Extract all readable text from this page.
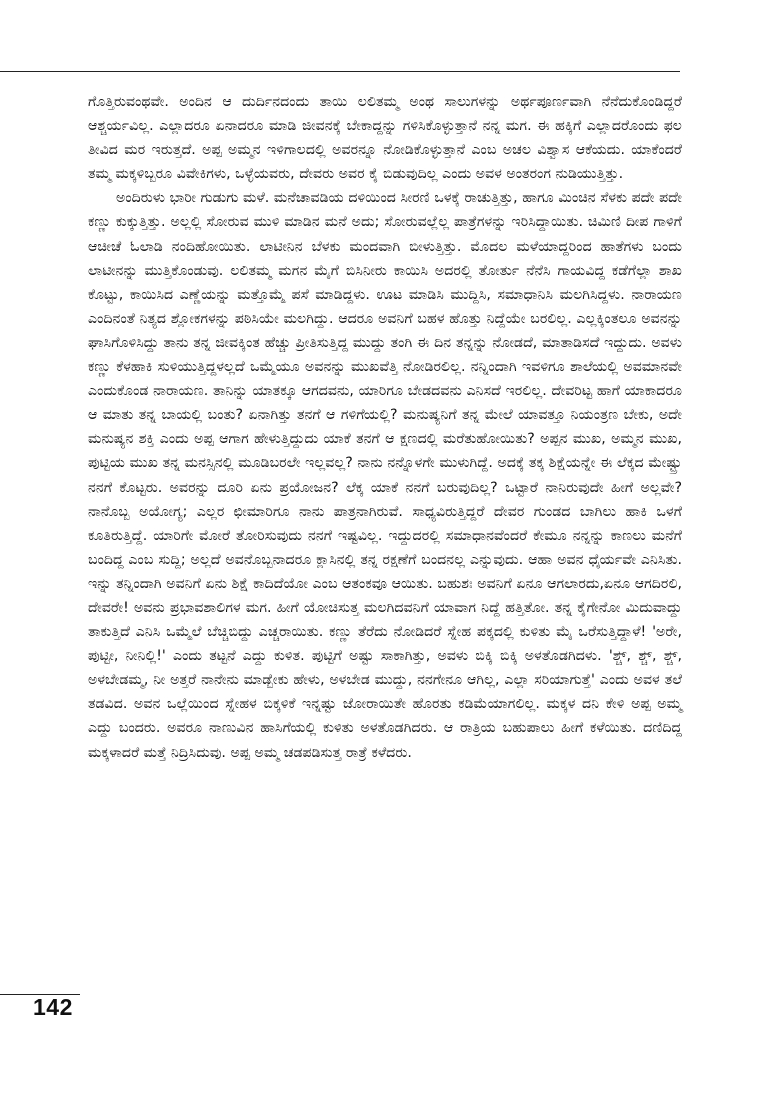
ಗೊತ್ತಿರುವಂಥವೇ. ಅಂದಿನ ಆ ದುರ್ದಿನದಂದು ತಾಯಿ ಲಲಿತಮ್ಮ ಅಂಥ ಸಾಲುಗಳನ್ನು ಅರ್ಥಪೂರ್ಣವಾಗಿ ನೆನೆದುಕೊಂಡಿದ್ದರೆ ಆಶ್ಚರ್ಯವಿಲ್ಲ. ಎಲ್ಲಾದರೂ ಏನಾದರೂ ಮಾಡಿ ಜೀವನಕ್ಕೆ ಬೇಕಾದ್ದನ್ನು ಗಳಿಸಿಕೊಳ್ಳುತ್ತಾನೆ ನನ್ನ ಮಗ. ಈ ಹಕ್ಕಿಗೆ ಎಲ್ಲಾದರೊಂದು ಫಲ ತೀವಿದ ಮರ ಇರುತ್ತದೆ. ಅಪ್ಪ ಅಮ್ಮನ ಇಳಿಗಾಲದಲ್ಲಿ ಅವರನ್ನೂ ನೋಡಿಕೊಳ್ಳುತ್ತಾನೆ ಎಂಬ ಅಚಲ ವಿಶ್ವಾಸ ಆಕೆಯದು. ಯಾಕೆಂದರೆ ತಮ್ಮ ಮಕ್ಕಳಿಬ್ಬರೂ ವಿವೇಕಿಗಳು, ಒಳ್ಳೆಯವರು, ದೇವರು ಅವರ ಕೈ ಬಿಡುವುದಿಲ್ಲ ಎಂದು ಅವಳ ಅಂತರಂಗ ನುಡಿಯುತ್ತಿತ್ತು.

ಅಂದಿರುಳು ಭಾರೀ ಗುಡುಗು ಮಳೆ. ಮನೆಚಾವಡಿಯ ದಳಿಯಿಂದ ಸೀರಣಿ ಒಳಕ್ಕೆ ರಾಚುತ್ತಿತ್ತು, ಹಾಗೂ ಮಿಂಚಿನ ಸೆಳಕು ಪದೇ ಪದೇ ಕಣ್ಣು ಕುಕ್ಕುತ್ತಿತ್ತು. ಅಲ್ಲಲ್ಲಿ ಸೋರುವ ಮುಳಿ ಮಾಡಿನ ಮನೆ ಅದು; ಸೋರುವಲ್ಲೆಲ್ಲ ಪಾತ್ರೆಗಳನ್ನು ಇರಿಸಿದ್ದಾಯಿತು. ಚಿಮಿಣಿ ದೀಪ ಗಾಳಿಗೆ ಆಚೀಚೆ ಓಲಾಡಿ ನಂದಿಹೋಯಿತು. ಲಾಟೀನಿನ ಬೆಳಕು ಮಂದವಾಗಿ ಬೀಳುತ್ತಿತ್ತು. ಮೊದಲ ಮಳೆಯಾದ್ದರಿಂದ ಹಾತೆಗಳು ಬಂದು ಲಾಟೀನನ್ನು ಮುತ್ತಿಕೊಂಡುವು. ಲಲಿತಮ್ಮ ಮಗನ ಮೈಗೆ ಬಿಸಿನೀರು ಕಾಯಿಸಿ ಅದರಲ್ಲಿ ತೋರ್ತು ನೆನೆಸಿ ಗಾಯವಿದ್ದ ಕಡೆಗೆಲ್ಲಾ ಶಾಖ ಕೊಟ್ಟು, ಕಾಯಿಸಿದ ಎಣ್ಣೆಯನ್ನು ಮತ್ತೊಮ್ಮೆ ಪಸೆ ಮಾಡಿದ್ದಳು. ಊಟ ಮಾಡಿಸಿ ಮುದ್ದಿಸಿ, ಸಮಾಧಾನಿಸಿ ಮಲಗಿಸಿದ್ದಳು. ನಾರಾಯಣ ಎಂದಿನಂತೆ ನಿತ್ಯದ ಶ್ಲೋಕಗಳನ್ನು ಪಠಿಸಿಯೇ ಮಲಗಿದ್ದು. ಆದರೂ ಅವನಿಗೆ ಬಹಳ ಹೊತ್ತು ನಿದ್ದೆಯೇ ಬರಲಿಲ್ಲ. ಎಲ್ಲಕ್ಕಿಂತಲೂ ಅವನನ್ನು ಘಾಸಿಗೊಳಿಸಿದ್ದು ತಾನು ತನ್ನ ಜೀವಕ್ಕಿಂತ ಹೆಚ್ಚು ಪ್ರೀತಿಸುತ್ತಿದ್ದ ಮುದ್ದು ತಂಗಿ ಈ ದಿನ ತನ್ನನ್ನು ನೋಡದೆ, ಮಾತಾಡಿಸದೆ ಇದ್ದುದು. ಅವಳು ಕಣ್ಣು ಕೆಳಹಾಕಿ ಸುಳಿಯುತ್ತಿದ್ದಳಲ್ಲದೆ ಒಮ್ಮೆಯೂ ಅವನನ್ನು ಮುಖವೆತ್ತಿ ನೋಡಿರಲಿಲ್ಲ. ನನ್ನಿಂದಾಗಿ ಇವಳಿಗೂ ಶಾಲೆಯಲ್ಲಿ ಅವಮಾನವೇ ಎಂದುಕೊಂಡ ನಾರಾಯಣ. ತಾನಿನ್ನು ಯಾತಕ್ಕೂ ಆಗದವನು, ಯಾರಿಗೂ ಬೇಡದವನು ಎನಿಸದೆ ಇರಲಿಲ್ಲ. ದೇವರಿಟ್ಟ ಹಾಗೆ ಯಾಕಾದರೂ ಆ ಮಾತು ತನ್ನ ಬಾಯಲ್ಲಿ ಬಂತು? ಏನಾಗಿತ್ತು ತನಗೆ ಆ ಗಳಿಗೆಯಲ್ಲಿ? ಮನುಷ್ಯನಿಗೆ ತನ್ನ ಮೇಲೆ ಯಾವತ್ತೂ ನಿಯಂತ್ರಣ ಬೇಕು, ಅದೇ ಮನುಷ್ಯನ ಶಕ್ತಿ ಎಂದು ಅಪ್ಪ ಆಗಾಗ ಹೇಳುತ್ತಿದ್ದುದು ಯಾಕೆ ತನಗೆ ಆ ಕ್ಷಣದಲ್ಲಿ ಮರೆತುಹೋಯಿತು? ಅಪ್ಪನ ಮುಖ, ಅಮ್ಮನ ಮುಖ, ಪುಟ್ಟಿಯ ಮುಖ ತನ್ನ ಮನಸ್ಸಿನಲ್ಲಿ ಮೂಡಿಬರಲೇ ಇಲ್ಲವಲ್ಲ? ನಾನು ನನ್ನೊಳಗೇ ಮುಳುಗಿದ್ದೆ. ಅದಕ್ಕೆ ತಕ್ಕ ಶಿಕ್ಷೆಯನ್ನೇ ಈ ಲೆಕ್ಕದ ಮೇಷ್ಟ್ರು ನನಗೆ ಕೊಟ್ಟರು. ಅವರನ್ನು ದೂರಿ ಏನು ಪ್ರಯೋಜನ? ಲೆಕ್ಕ ಯಾಕೆ ನನಗೆ ಬರುವುದಿಲ್ಲ? ಒಟ್ಟಾರೆ ನಾನಿರುವುದೇ ಹೀಗೆ ಅಲ್ಲವೇ? ನಾನೊಬ್ಬ ಅಯೋಗ್ಯ; ಎಲ್ಲರ ಛೀಮಾರಿಗೂ ನಾನು ಪಾತ್ರನಾಗಿರುವೆ. ಸಾಧ್ಯವಿರುತ್ತಿದ್ದರೆ ದೇವರ ಗುಂಡದ ಬಾಗಿಲು ಹಾಕಿ ಒಳಗೆ ಕೂತಿರುತ್ತಿದ್ದೆ. ಯಾರಿಗೇ ಮೋರೆ ತೋರಿಸುವುದು ನನಗೆ ಇಷ್ಟವಿಲ್ಲ. ಇದ್ದುದರಲ್ಲಿ ಸಮಾಧಾನವೆಂದರೆ ಕೇಮೂ ನನ್ನನ್ನು ಕಾಣಲು ಮನೆಗೆ ಬಂದಿದ್ದ ಎಂಬ ಸುದ್ದಿ; ಅಲ್ಲದೆ ಅವನೊಬ್ಬನಾದರೂ ಕ್ಲಾಸಿನಲ್ಲಿ ತನ್ನ ರಕ್ಷಣೆಗೆ ಬಂದನಲ್ಲ ಎನ್ನುವುದು. ಆಹಾ ಅವನ ಧೈರ್ಯವೇ ಎನಿಸಿತು. ಇನ್ನು ತನ್ನಿಂದಾಗಿ ಅವನಿಗೆ ಏನು ಶಿಕ್ಷೆ ಕಾದಿದೆಯೋ ಎಂಬ ಆತಂಕವೂ ಆಯಿತು. ಬಹುಶಃ ಅವನಿಗೆ ಏನೂ ಆಗಲಾರದು,ಏನೂ ಆಗದಿರಲಿ, ದೇವರೇ! ಅವನು ಪ್ರಭಾವಶಾಲಿಗಳ ಮಗ. ಹೀಗೆ ಯೋಚಿಸುತ್ತ ಮಲಗಿದವನಿಗೆ ಯಾವಾಗ ನಿದ್ದೆ ಹತ್ತಿತೋ. ತನ್ನ ಕೈಗೇನೋ ಮಿದುವಾದ್ದು ತಾಕುತ್ತಿದೆ ಎನಿಸಿ ಒಮ್ಮೆಲೆ ಬೆಚ್ಚಿಬಿದ್ದು ಎಚ್ಚರಾಯಿತು. ಕಣ್ಣು ತೆರೆದು ನೋಡಿದರೆ ಸ್ನೇಹ ಪಕ್ಕದಲ್ಲಿ ಕುಳಿತು ಮೈ ಒರೆಸುತ್ತಿದ್ದಾಳೆ! 'ಅರೇ, ಪುಟ್ಟೀ, ನೀನಿಲ್ಲಿ!' ಎಂದು ತಟ್ಟನೆ ಎದ್ದು ಕುಳಿತ. ಪುಟ್ಟಿಗೆ ಅಷ್ಟು ಸಾಕಾಗಿತ್ತು, ಅವಳು ಬಿಕ್ಕಿ ಬಿಕ್ಕಿ ಅಳತೊಡಗಿದಳು. 'ಶ್ಚ್, ಶ್ಚ್, ಶ್ಚ್, ಅಳಬೇಡಮ್ಮ, ನೀ ಅತ್ತರೆ ನಾನೇನು ಮಾಡ್ಬೇಕು ಹೇಳು, ಅಳಬೇಡ ಮುದ್ದು, ನನಗೇನೂ ಆಗಿಲ್ಲ, ಎಲ್ಲಾ ಸರಿಯಾಗುತ್ತೆ' ಎಂದು ಅವಳ ತಲೆ ತಡವಿದ. ಅವನ ಒಲ್ಲೆಯಿಂದ ಸ್ನೇಹಳ ಬಿಕ್ಕಳಿಕೆ ಇನ್ನಷ್ಟು ಜೋರಾಯಿತೇ ಹೊರತು ಕಡಿಮೆಯಾಗಲಿಲ್ಲ. ಮಕ್ಕಳ ದನಿ ಕೇಳಿ ಅಪ್ಪ ಅಮ್ಮ ಎದ್ದು ಬಂದರು. ಅವರೂ ನಾಣುವಿನ ಹಾಸಿಗೆಯಲ್ಲಿ ಕುಳಿತು ಅಳತೊಡಗಿದರು. ಆ ರಾತ್ರಿಯ ಬಹುಪಾಲು ಹೀಗೆ ಕಳೆಯಿತು. ದಣಿದಿದ್ದ ಮಕ್ಕಳಾದರೆ ಮತ್ತೆ ನಿದ್ರಿಸಿದುವು. ಅಪ್ಪ ಅಮ್ಮ ಚಡಪಡಿಸುತ್ತ ರಾತ್ರೆ ಕಳೆದರು.

142
